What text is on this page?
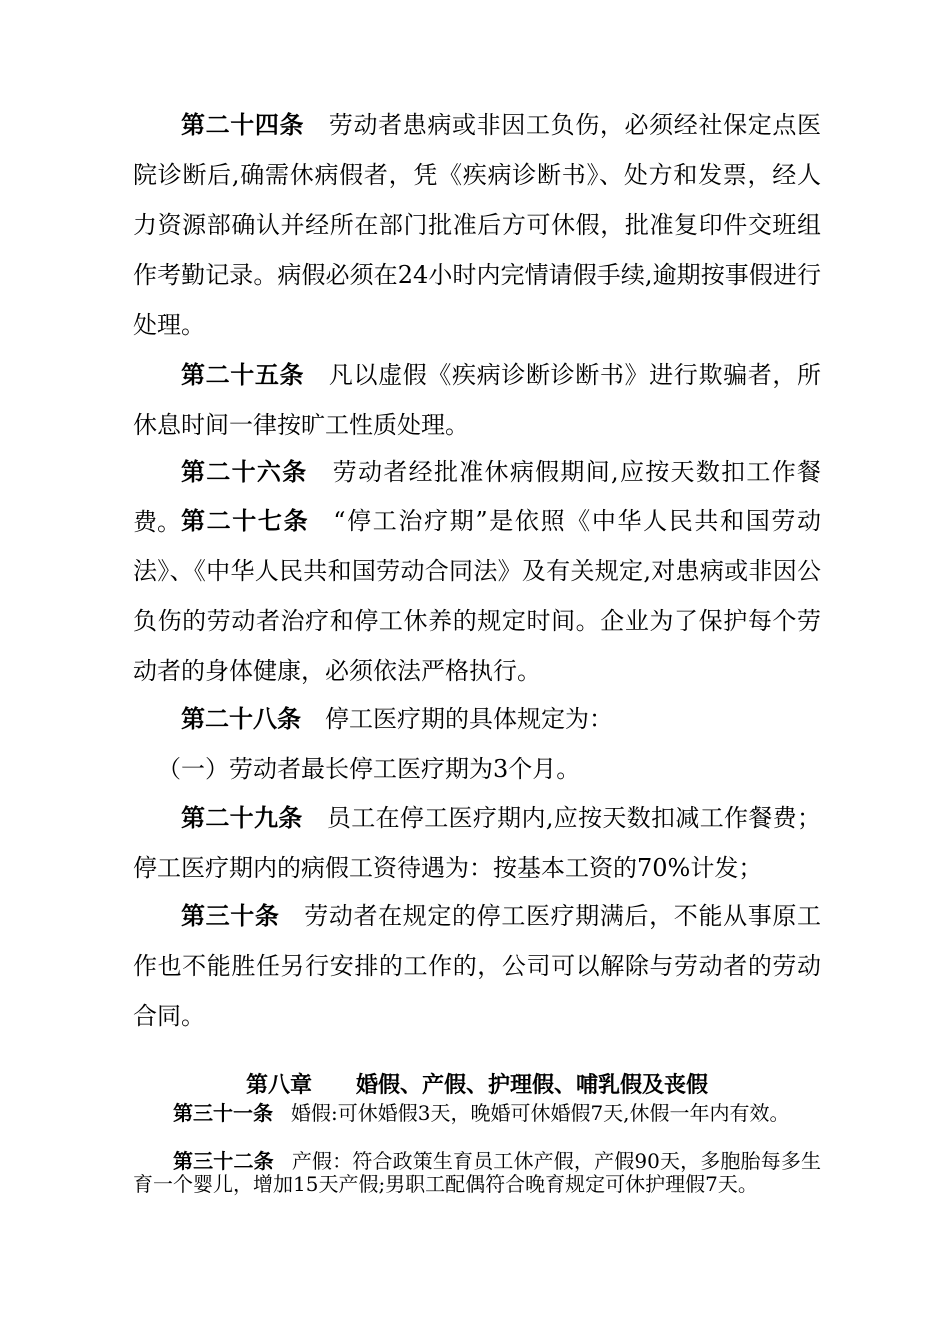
第二十四条 劳动者患病或非因工负伤，必须经社保定点医院诊断后,确需休病假者，凭《疾病诊断书》、处方和发票，经人力资源部确认并经所在部门批准后方可休假，批准复印件交班组作考勤记录。病假必须在24小时内完情请假手续,逾期按事假进行处理。

第二十五条 凡以虚假《疾病诊断诊断书》进行欺骗者，所休息时间一律按旷工性质处理。

第二十六条 劳动者经批准休病假期间,应按天数扣工作餐费。 第二十七条 “停工治疗期”是依照《中华人民共和国劳动法》、《中华人民共和国劳动合同法》及有关规定,对患病或非因公负伤的劳动者治疗和停工休养的规定时间。企业为了保护每个劳动者的身体健康，必须依法严格执行。

第二十八条 停工医疗期的具体规定为：

（一）劳动者最长停工医疗期为3个月。

第二十九条 员工在停工医疗期内,应按天数扣减工作餐费；停工医疗期内的病假工资待遇为：按基本工资的70%计发；

第三十条 劳动者在规定的停工医疗期满后，不能从事原工作也不能胜任另行安排的工作的，公司可以解除与劳动者的劳动合同。

第八章　　婚假、产假、护理假、哺乳假及丧假

第三十一条 婚假:可休婚假3天，晚婚可休婚假7天,休假一年内有效。

第三十二条 产假：符合政策生育员工休产假，产假90天，多胞胎每多生育一个婴儿，增加15天产假;男职工配偶符合晚育规定可休护理假7天。
